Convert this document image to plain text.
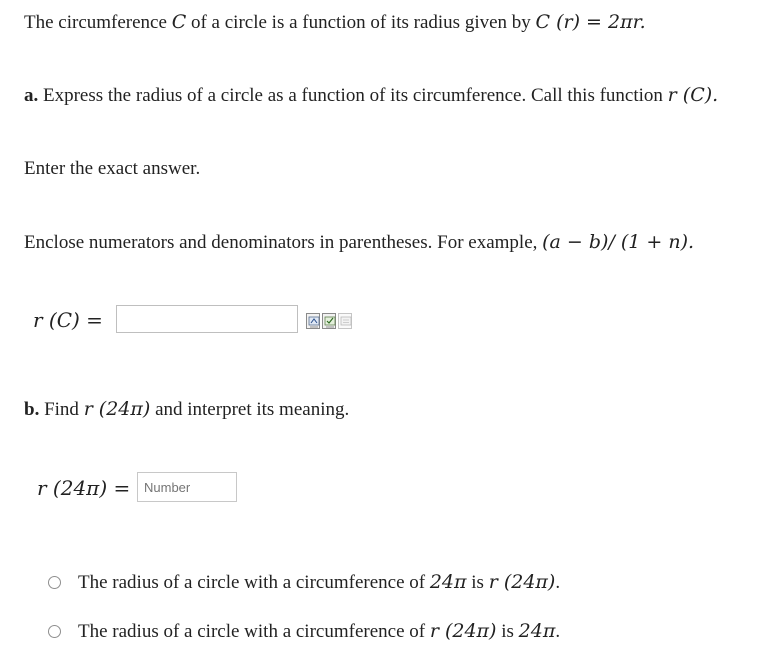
The circumference C of a circle is a function of its radius given by C (r) = 2πr.
a. Express the radius of a circle as a function of its circumference. Call this function r (C).
Enter the exact answer.
Enclose numerators and denominators in parentheses. For example, (a − b)/ (1 + n).
r (C) =
b. Find r (24π) and interpret its meaning.
r (24π) =
Number
The radius of a circle with a circumference of 24π is r (24π).
The radius of a circle with a circumference of r (24π) is 24π.
